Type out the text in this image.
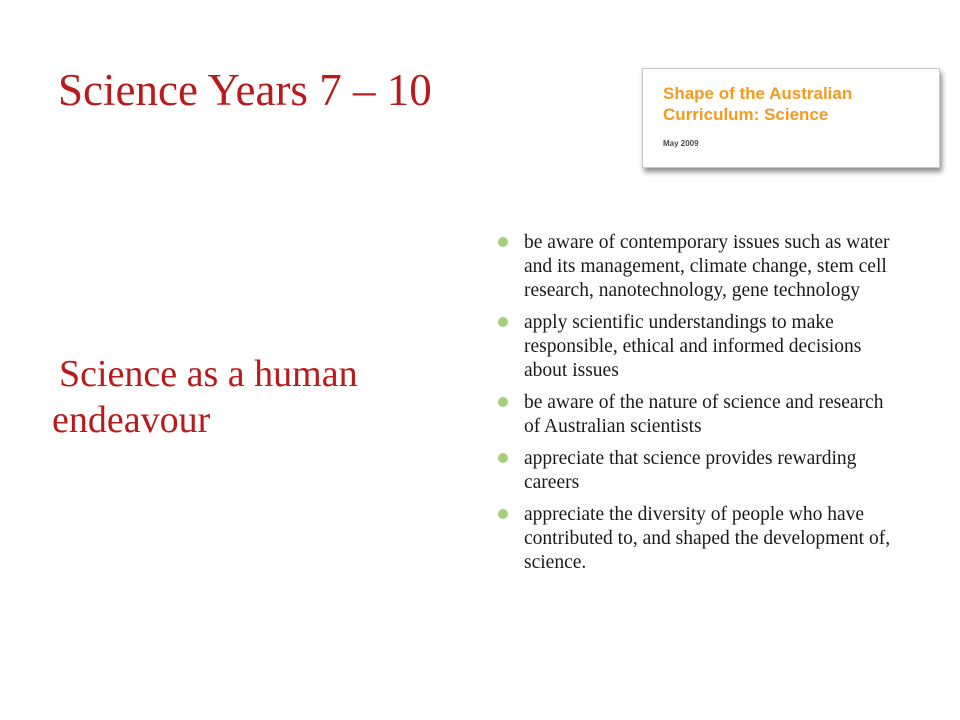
Science Years 7 – 10	Shape of the Australian
Curriculum: Science

May 2009

Science as a human endeavour
be aware of contemporary issues such as water and its management, climate change, stem cell research, nanotechnology, gene technology
apply scientific understandings to make responsible, ethical and informed decisions about issues
be aware of the nature of science and research of Australian scientists
appreciate that science provides rewarding careers
appreciate the diversity of people who have contributed to, and shaped the development of, science.
